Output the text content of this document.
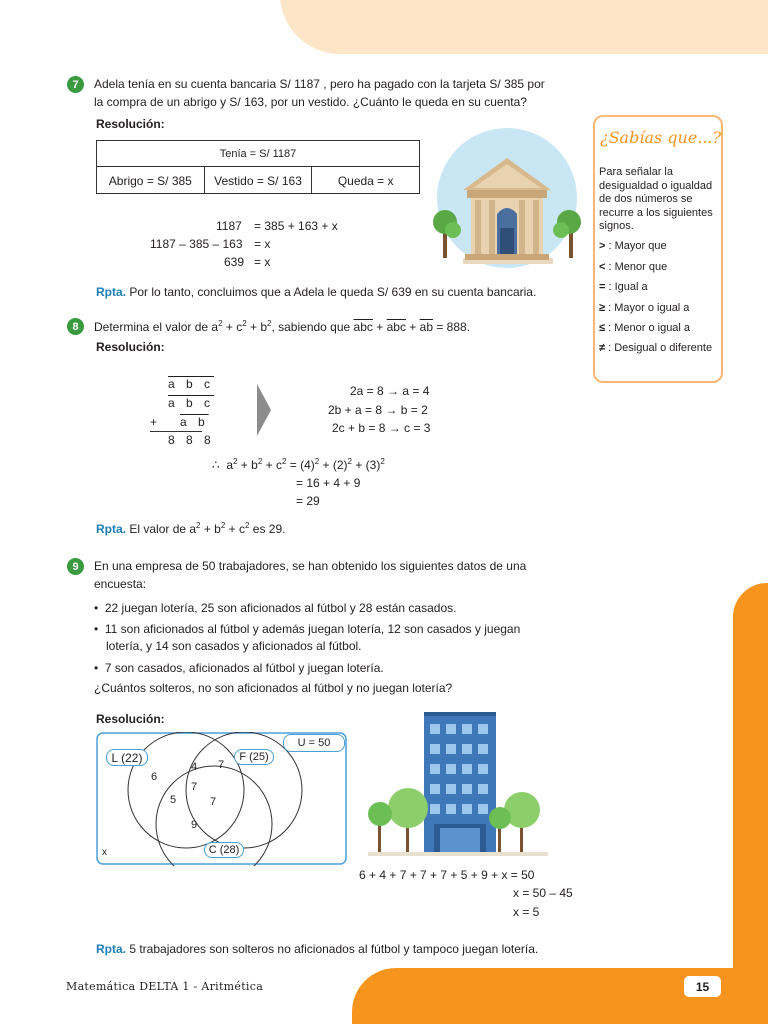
7	Adela tenía en su cuenta bancaria S/ 1187 , pero ha pagado con la tarjeta S/ 385 por
la compra de un abrigo y S/ 163, por un vestido. ¿Cuánto le queda en su cuenta?
Resolución:
Tenía = S/ 1187
Abrigo = S/ 385	Vestido = S/ 163	Queda = x
1187 = 385 + 163 + x
1187 – 385 – 163 = x
639 = x
Rpta. Por lo tanto, concluimos que a Adela le queda S/ 639 en su cuenta bancaria.
¿Sabías que...?
Para señalar la desigualdad o igualdad de dos números se recurre a los siguientes signos.
> : Mayor que
< : Menor que
= : Igual a
≥ : Mayor o igual a
≤ : Menor o igual a
≠ : Desigual o diferente
8	Determina el valor de $a^2 + c^2 + b^2$, sabiendo que $\overline{abc} + \overline{abc} + \overline{ab} = 888$.
Resolución:
a b c
a b c
+ a b
8 8 8
2a = 8 → a = 4
2b + a = 8 → b = 2
2c + b = 8 → c = 3
∴ $a^2 + b^2 + c^2 = (4)^2 + (2)^2 + (3)^2$
= 16 + 4 + 9
= 29
Rpta. El valor de $a^2 + b^2 + c^2$ es 29.
9	En una empresa de 50 trabajadores, se han obtenido los siguientes datos de una
encuesta:
•  22 juegan lotería, 25 son aficionados al fútbol y 28 están casados.
•  11 son aficionados al fútbol y además juegan lotería, 12 son casados y juegan
lotería, y 14 son casados y aficionados al fútbol.
•  7 son casados, aficionados al fútbol y juegan lotería.
¿Cuántos solteros, no son aficionados al fútbol y no juegan lotería?
Resolución:
U = 50
L (22)	F (25)
C (28)
6
4 7
7
5	7
9
x
6 + 4 + 7 + 7 + 7 + 5 + 9 + x = 50
x = 50 – 45
x = 5
Rpta. 5 trabajadores son solteros no aficionados al fútbol y tampoco juegan lotería.
Matemática DELTA 1 - Aritmética	15
